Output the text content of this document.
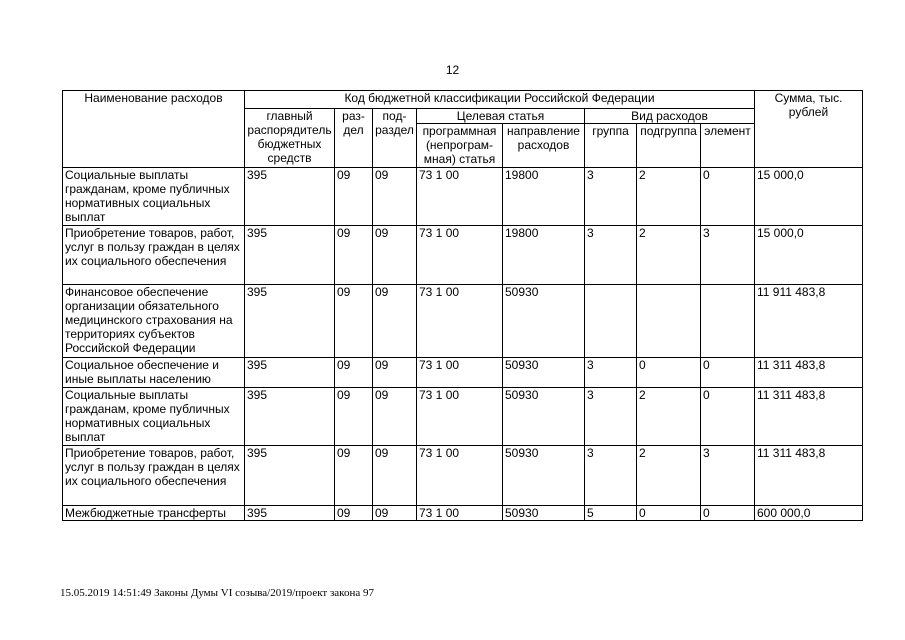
12
Наименование расходов	Код бюджетной классификации Российской Федерации								Сумма, тыс. рублей
	главный распорядитель бюджетных средств	раз-дел	под-раздел	Целевая статья		Вид расходов			
				программная (непрограм-мная) статья	направление расходов	группа	подгруппа	элемент	
Социальные выплаты гражданам, кроме публичных нормативных социальных выплат	395	09	09	73 1 00	19800	3	2	0	15 000,0
Приобретение товаров, работ, услуг в пользу граждан в целях их социального обеспечения	395	09	09	73 1 00	19800	3	2	3	15 000,0
Финансовое обеспечение организации обязательного медицинского страхования на территориях субъектов Российской Федерации	395	09	09	73 1 00	50930				11 911 483,8
Социальное обеспечение и иные выплаты населению	395	09	09	73 1 00	50930	3	0	0	11 311 483,8
Социальные выплаты гражданам, кроме публичных нормативных социальных выплат	395	09	09	73 1 00	50930	3	2	0	11 311 483,8
Приобретение товаров, работ, услуг в пользу граждан в целях их социального обеспечения	395	09	09	73 1 00	50930	3	2	3	11 311 483,8
Межбюджетные трансферты	395	09	09	73 1 00	50930	5	0	0	600 000,0
15.05.2019 14:51:49 Законы Думы VI созыва/2019/проект закона 97
